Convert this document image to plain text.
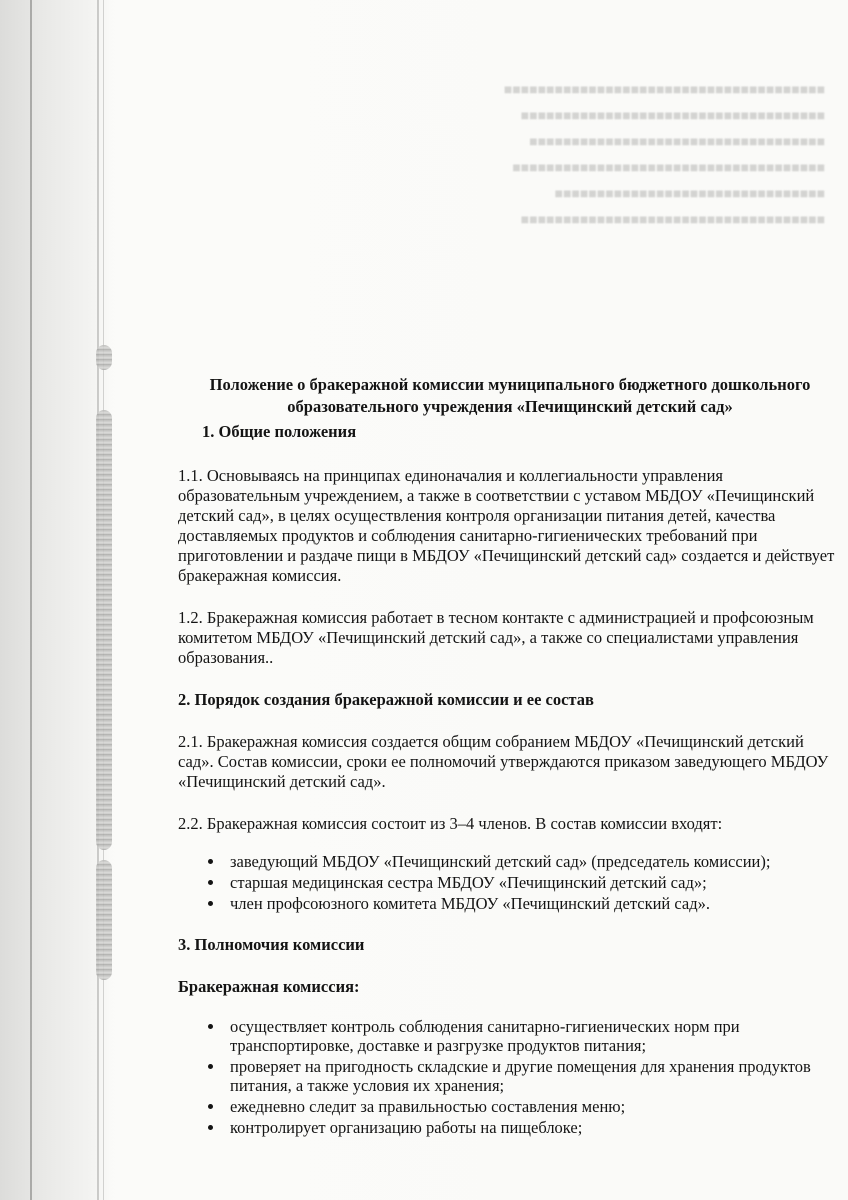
■■■■■■■■■■■■■■■■■■■■■■■■■■■■■■■■■■■■■■

■■■■■■■■■■■■■■■■■■■■■■■■■■■■■■■■■■■■

■■■■■■■■■■■■■■■■■■■■■■■■■■■■■■■■■■■

■■■■■■■■■■■■■■■■■■■■■■■■■■■■■■■■■■■■■

■■■■■■■■■■■■■■■■■■■■■■■■■■■■■■■■

■■■■■■■■■■■■■■■■■■■■■■■■■■■■■■■■■■■■

Положение о бракеражной комиссии муниципального бюджетного дошкольного
образовательного учреждения «Печищинский детский сад»
1. Общие положения

1.1. Основываясь на принципах единоначалия и коллегиальности управления образовательным учреждением, а также в соответствии с уставом МБДОУ «Печищинский детский сад», в целях осуществления контроля организации питания детей, качества доставляемых продуктов и соблюдения санитарно-гигиенических требований при приготовлении и раздаче пищи в МБДОУ «Печищинский детский сад» создается и действует бракеражная комиссия.

1.2. Бракеражная комиссия работает в тесном контакте с администрацией и профсоюзным комитетом МБДОУ «Печищинский детский сад», а также со специалистами управления образования..

2. Порядок создания бракеражной комиссии и ее состав

2.1. Бракеражная комиссия создается общим собранием МБДОУ «Печищинский детский сад». Состав комиссии, сроки ее полномочий утверждаются приказом заведующего МБДОУ «Печищинский детский сад».

2.2. Бракеражная комиссия состоит из 3–4 членов. В состав комиссии входят:

заведующий МБДОУ «Печищинский детский сад» (председатель комиссии);
старшая медицинская сестра МБДОУ «Печищинский детский сад»;
член профсоюзного комитета МБДОУ «Печищинский детский сад».
3. Полномочия комиссии
Бракеражная комиссия:
осуществляет контроль соблюдения санитарно-гигиенических норм при транспортировке, доставке и разгрузке продуктов питания;
проверяет на пригодность складские и другие помещения для хранения продуктов питания, а также условия их хранения;
ежедневно следит за правильностью составления меню;
контролирует организацию работы на пищеблоке;
